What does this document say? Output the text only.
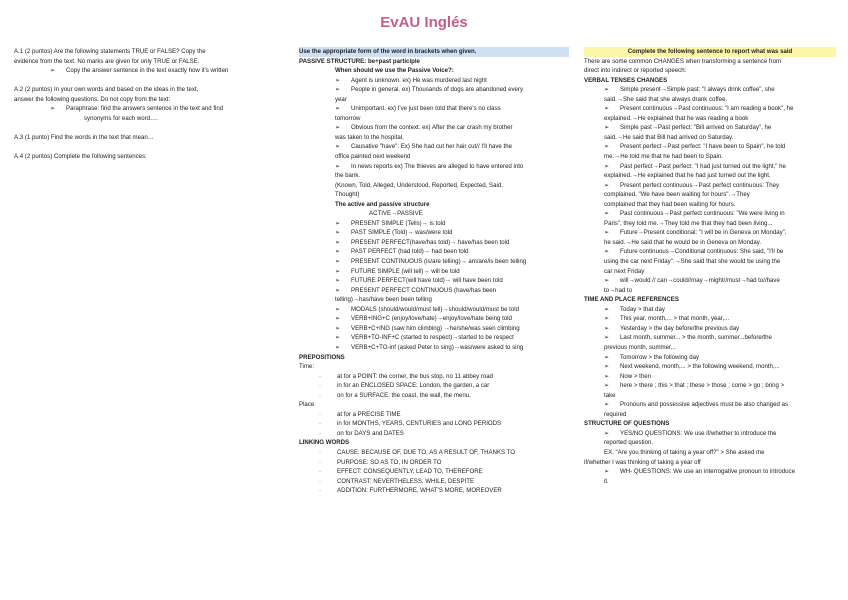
EvAU Inglés
A.1 (2 puntos) Are the following statements TRUE or FALSE? Copy the
evidence from the text. No marks are given for only TRUE or FALSE.
➢ Copy the answer sentence in the text exactly how it's written
A.2 (2 puntos) In your own words and based on the ideas in the text,
answer the following questions. Do not copy from the text:
➢ Paraphrase: find the answers sentence in the text and find
synonyms for each word….
A.3 (1 punto) Find the words in the text that mean…
A.4 (2 puntos) Complete the following sentences:
Use the appropriate form of the word in brackets when given.
PASSIVE STRUCTURE: be+past participle
When should we use the Passive Voice?:
➢ Agent is unknown. ex) He was murdered last night
➢ People in general. ex) Thousands of dogs are abandoned every
year
➢ Unimportant. ex) I've just been told that there's no class
tomorrow
➢ Obvious from the context. ex) After the car crash my brother
was taken to the hospital.
➢ Causative "have". Ex) She had cut her hair cut// I'll have the
office painted next weekend
➢ In news reports ex) The thieves are alleged to have entered into
the bank.
(Known, Told, Alleged, Understood, Reported, Expected, Said,
Thought)
The active and passive structure
ACTIVE→PASSIVE
➢ PRESENT SIMPLE (Tells)→ is told
➢ PAST SIMPLE (Told)→ was/were told
➢ PRESENT PERFECT(have/has told)→ have/has been told
➢ PAST PERFECT (had told)→ had been told
➢ PRESENT CONTINUOUS (is/are telling)→ am/are/is been telling
➢ FUTURE SIMPLE (will tell)→ will be told
➢ FUTURE PERFECT(will have told)→ will have been told
➢ PRESENT PERFECT CONTINUOUS (have/has been
telling)→has/have been been telling
➢ MODALS (should/would/must tell)→should/would/must be told
➢ VERB+ING+C (enjoy/love/hate)→enjoy/love/hate being told
➢ VERB+C+ING (saw him climbing) →he/she/was seen climbing
➢ VERB+TO-INF+C (started to respect)→started to be respect
➢ VERB+C+TO-inf (asked Peter to sing)→was/were asked to sing
PREPOSITIONS
Time:
·	at for a POINT: the corner, the bus stop, no 11 abbey road
·	in for an ENCLOSED SPACE: London, the garden, a car
·	on for a SURFACE: the coast, the wall, the menu,
Place
·	at for a PRECISE TIME
·	in for MONTHS, YEARS, CENTURIES and LONG PERIODS
·	on for DAYS and DATES
LINKING WORDS
·	CAUSE: BECAUSE OF, DUE TO, AS A RESULT OF, THANKS TO
·	PURPOSE: SO AS TO, IN ORDER TO
·	EFFECT: CONSEQUENTLY, LEAD TO, THEREFORE
·	CONTRAST: NEVERTHELESS, WHILE, DESPITE
·	ADDITION: FURTHERMORE, WHAT'S MORE, MOREOVER
Complete the following sentence to report what was said
There are some common CHANGES when transforming a sentence from
direct into indirect or reported speech:
VERBAL TENSES CHANGES
➢ Simple present→Simple past: "I always drink coffee", she
said.→She said that she always drank coffee.
➢ Present continuous→Past continuous: "I am reading a book", he
explained.→He explained that he was reading a book
➢ Simple past→Past perfect: "Bill arrived on Saturday", he
said.→He said that Bill had arrived on Saturday.
➢ Present perfect→Past perfect: "I have been to Spain", he told
me.→He told me that he had been to Spain.
➢ Past perfect→Past perfect: "I had just turned out the light," he
explained.→He explained that he had just turned out the light.
➢ Present perfect continuous→Past perfect continuous: They
complained, "We have been waiting for hours".→They
complained that they had been waiting for hours.
➢ Past continuous→Past perfect continuous: "We were living in
Paris", they told me.→They told me that they had been living...
➢ Future→Present conditional: "I will be in Geneva on Monday",
he said.→He said that he would be in Geneva on Monday.
➢ Future continuous→Conditional continuous: She said, "I'll be
using the car next Friday".→She said that she would be using the
car next Friday
➢ will→would // can→could//may→might//must→had to//have
to→had to
TIME AND PLACE REFERENCES
➢ Today > that day
➢ This year, month,... > that month, year,...
➢ Yesterday > the day before/the previous day
➢ Last month, summer... > the month, summer...before/the
previous month, summer...
➢ Tomorrow > the following day
➢ Next weekend, month,... > the following weekend, month,...
➢ Now > then
➢ here > there ; this > that ; these > those ; come > go ; bring >
take
➢ Pronouns and possessive adjectives must be also changed as
required
STRUCTURE OF QUESTIONS
➢ YES/NO QUESTIONS: We use if/whether to introduce the
reported question.
EX. "Are you thinking of taking a year off?" > She asked me
if/whether I was thinking of taking a year off
➢ WH- QUESTIONS: We use an interrogative pronoun to introduce
it.
